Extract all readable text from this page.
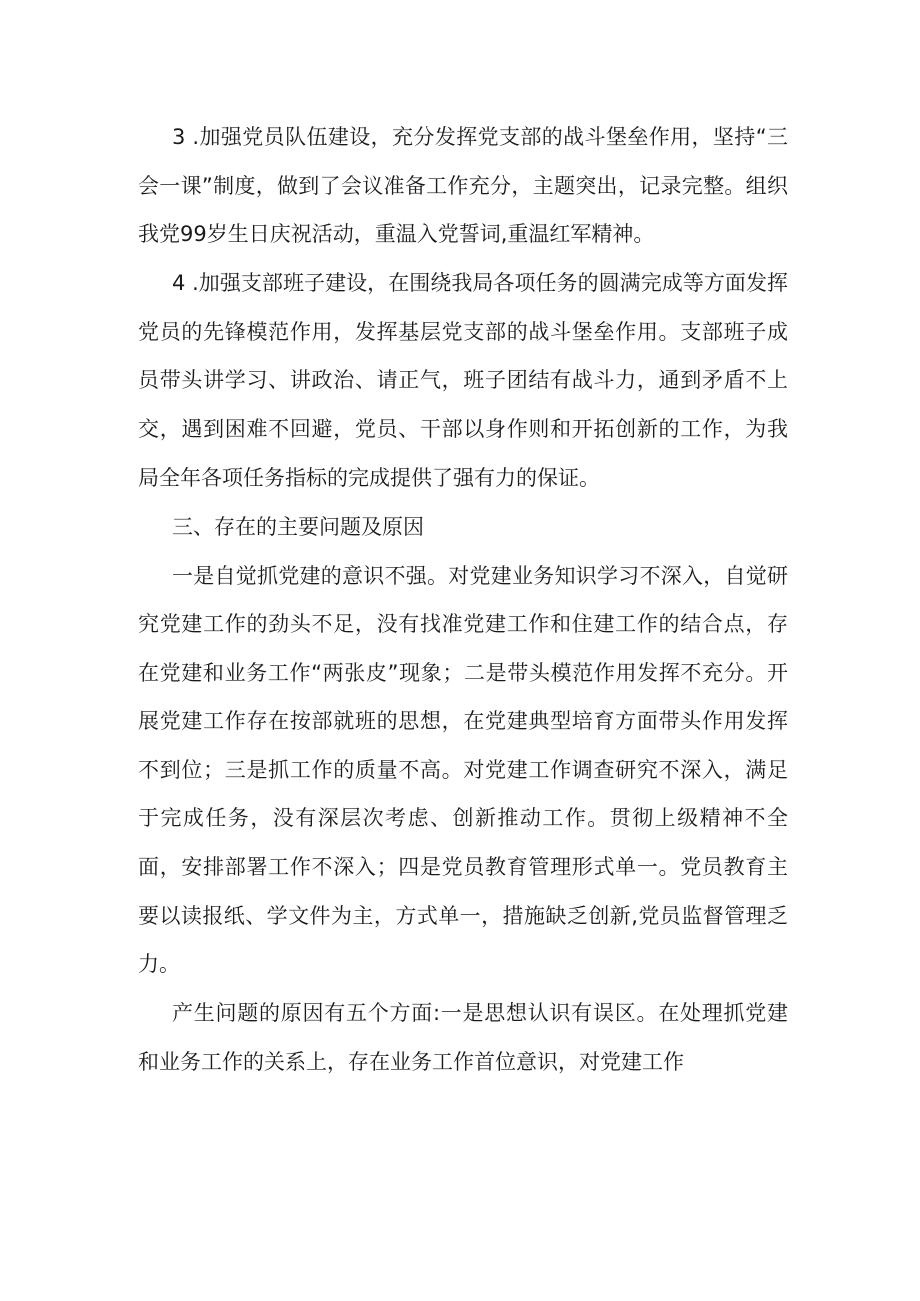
3 .加强党员队伍建设，充分发挥党支部的战斗堡垒作用，坚持“三会一课”制度，做到了会议准备工作充分，主题突出，记录完整。组织我党99岁生日庆祝活动，重温入党誓词,重温红军精神。

4 .加强支部班子建设，在围绕我局各项任务的圆满完成等方面发挥党员的先锋模范作用，发挥基层党支部的战斗堡垒作用。支部班子成员带头讲学习、讲政治、请正气，班子团结有战斗力，通到矛盾不上交，遇到困难不回避，党员、干部以身作则和开拓创新的工作，为我局全年各项任务指标的完成提供了强有力的保证。

三、存在的主要问题及原因

一是自觉抓党建的意识不强。对党建业务知识学习不深入，自觉研究党建工作的劲头不足，没有找准党建工作和住建工作的结合点，存在党建和业务工作“两张皮”现象；二是带头模范作用发挥不充分。开展党建工作存在按部就班的思想，在党建典型培育方面带头作用发挥不到位；三是抓工作的质量不高。对党建工作调查研究不深入，满足于完成任务，没有深层次考虑、创新推动工作。贯彻上级精神不全面，安排部署工作不深入；四是党员教育管理形式单一。党员教育主要以读报纸、学文件为主，方式单一，措施缺乏创新,党员监督管理乏力。

产生问题的原因有五个方面:一是思想认识有误区。在处理抓党建和业务工作的关系上，存在业务工作首位意识，对党建工作
